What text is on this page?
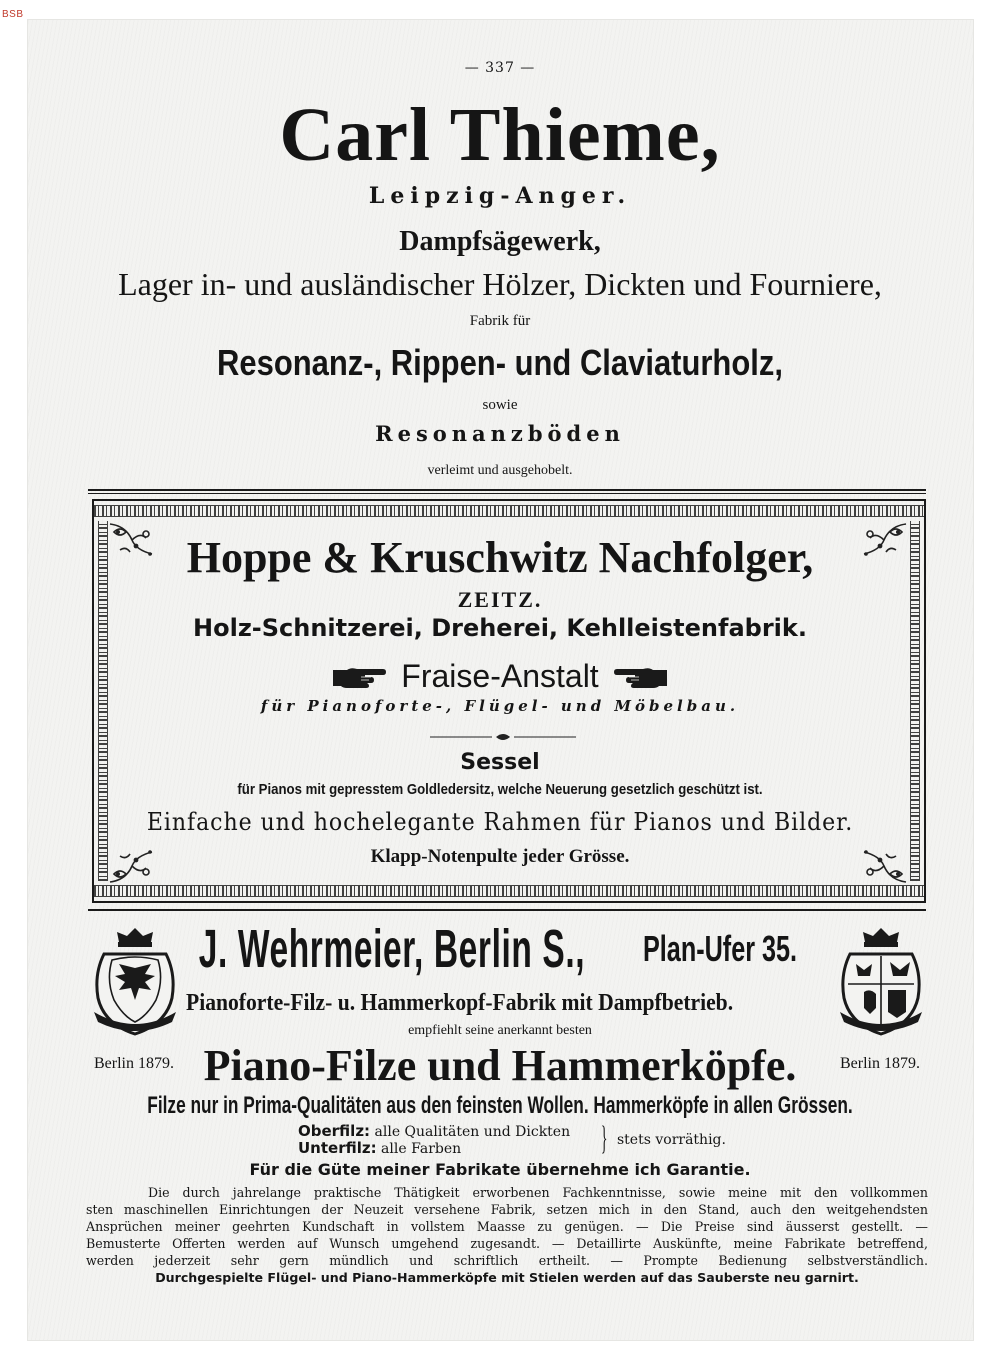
BSB
— 337 —
Carl Thieme,
Leipzig-Anger.
Dampfsägewerk,
Lager in- und ausländischer Hölzer, Dickten und Fourniere,
Fabrik für
Resonanz-, Rippen- und Claviaturholz,
sowie
Resonanzböden
verleimt und ausgehobelt.
Hoppe & Kruschwitz Nachfolger,
ZEITZ.
Holz-Schnitzerei, Dreherei, Kehlleistenfabrik.
Fraise-Anstalt
für Pianoforte-, Flügel- und Möbelbau.
Sessel
für Pianos mit gepresstem Goldledersitz, welche Neuerung gesetzlich geschützt ist.
Einfache und hochelegante Rahmen für Pianos und Bilder.
Klapp-Notenpulte jeder Grösse.
J. Wehrmeier, Berlin S.,	Plan-Ufer 35.
Pianoforte-Filz- u. Hammerkopf-Fabrik mit Dampfbetrieb.
empfiehlt seine anerkannt besten
Berlin 1879.	Berlin 1879.
Piano-Filze und Hammerköpfe.
Filze nur in Prima-Qualitäten aus den feinsten Wollen. Hammerköpfe in allen Grössen.
Oberfilz: alle Qualitäten und Dickten
Unterfilz: alle Farben	} stets vorräthig.
Für die Güte meiner Fabrikate übernehme ich Garantie.
Die durch jahrelange praktische Thätigkeit erworbenen Fachkenntnisse, sowie meine mit den vollkommen
sten maschinellen Einrichtungen der Neuzeit versehene Fabrik, setzen mich in den Stand, auch den weitgehendsten
Ansprüchen meiner geehrten Kundschaft in vollstem Maasse zu genügen. — Die Preise sind äusserst gestellt. —
Bemusterte Offerten werden auf Wunsch umgehend zugesandt. — Detaillirte Auskünfte, meine Fabrikate betreffend,
werden jederzeit sehr gern mündlich und schriftlich ertheilt. — Prompte Bedienung selbstverständlich.
Durchgespielte Flügel- und Piano-Hammerköpfe mit Stielen werden auf das Sauberste neu garnirt.
